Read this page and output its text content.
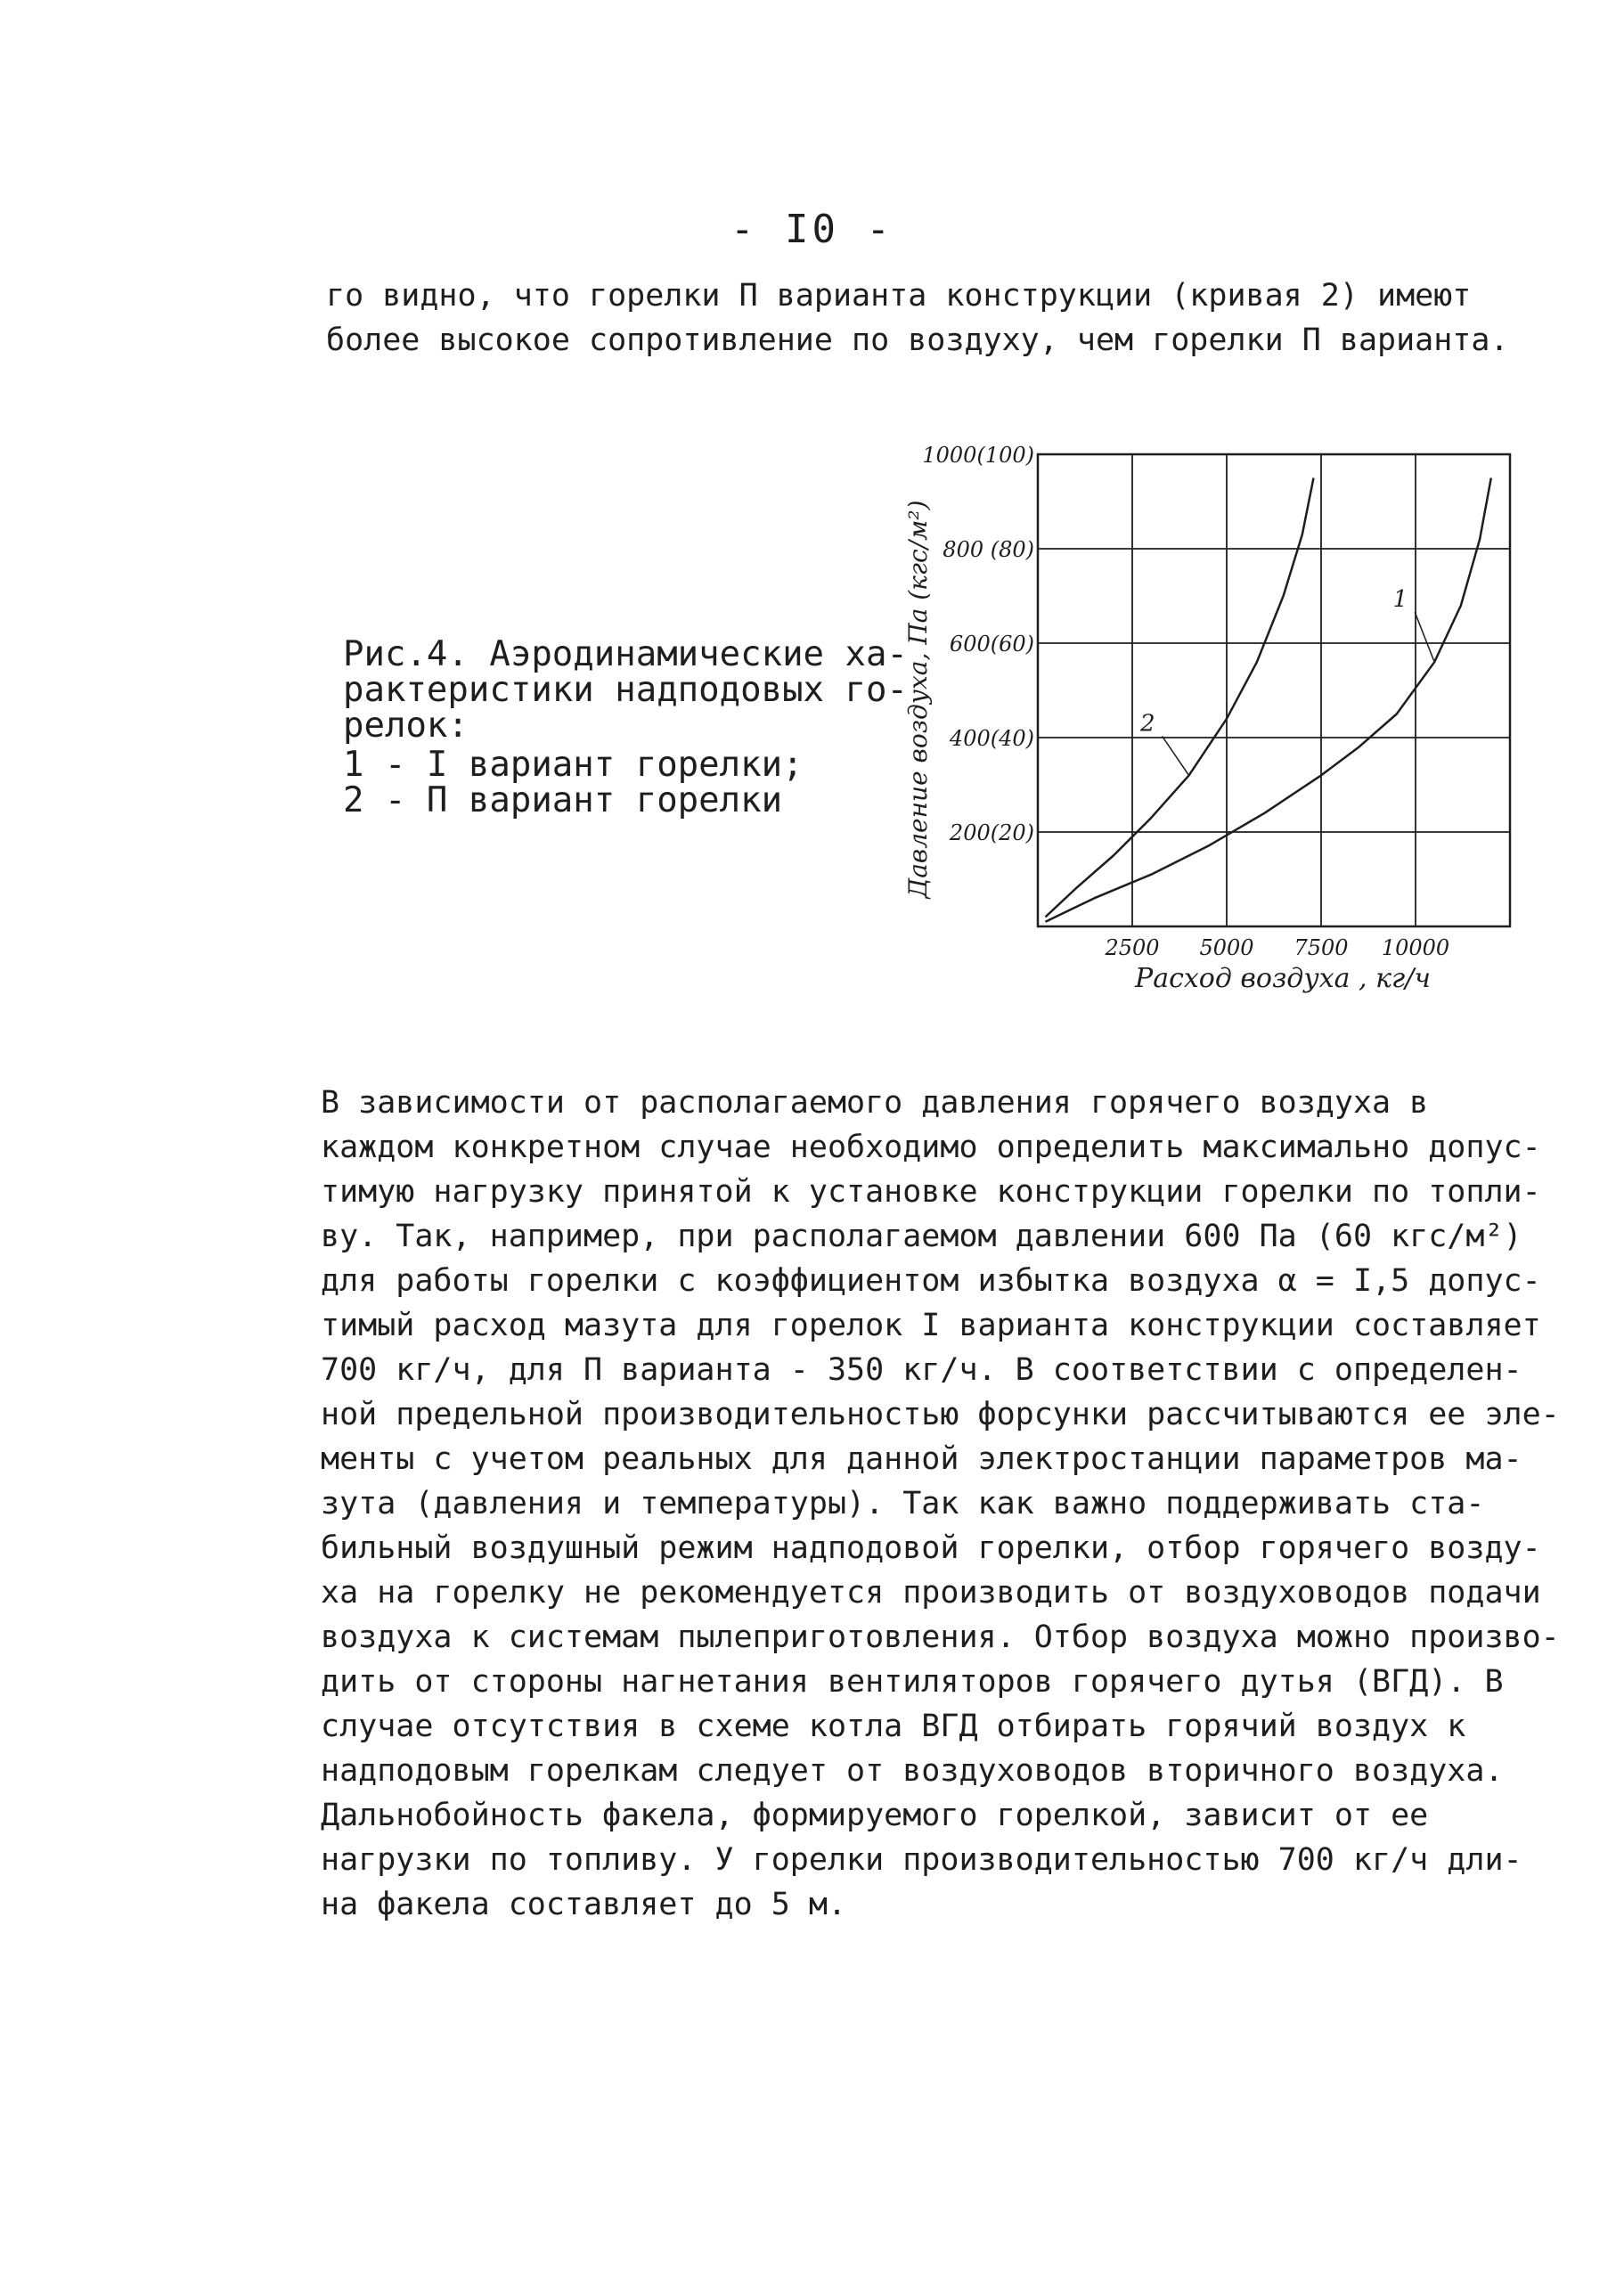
- I0 -
го видно, что горелки П варианта конструкции (кривая 2) имеют
более высокое сопротивление по воздуху, чем горелки П варианта.
Рис.4. Аэродинамические ха-
рактеристики надподовых го-
релок:
1 - I вариант горелки;
2 - П вариант горелки
2500 5000 7500 10000
200(20)
400(40)
600(60)
800 (80)
1000(100)
Расход воздуха , кг/ч
Давление воздуха, Па (кгс/м²)	1
2
В зависимости от располагаемого давления горячего воздуха в
каждом конкретном случае необходимо определить максимально допус-
тимую нагрузку принятой к установке конструкции горелки по топли-
ву. Так, например, при располагаемом давлении 600 Па (60 кгс/м²)
для работы горелки с коэффициентом избытка воздуха α = I,5 допус-
тимый расход мазута для горелок I варианта конструкции составляет
700 кг/ч, для П варианта - 350 кг/ч. В соответствии с определен-
ной предельной производительностью форсунки рассчитываются ее эле-
менты с учетом реальных для данной электростанции параметров ма-
зута (давления и температуры). Так как важно поддерживать ста-
бильный воздушный режим надподовой горелки, отбор горячего возду-
ха на горелку не рекомендуется производить от воздуховодов подачи
воздуха к системам пылеприготовления. Отбор воздуха можно произво-
дить от стороны нагнетания вентиляторов горячего дутья (ВГД). В
случае отсутствия в схеме котла ВГД отбирать горячий воздух к
надподовым горелкам следует от воздуховодов вторичного воздуха.
Дальнобойность факела, формируемого горелкой, зависит от ее
нагрузки по топливу. У горелки производительностью 700 кг/ч дли-
на факела составляет до 5 м.
